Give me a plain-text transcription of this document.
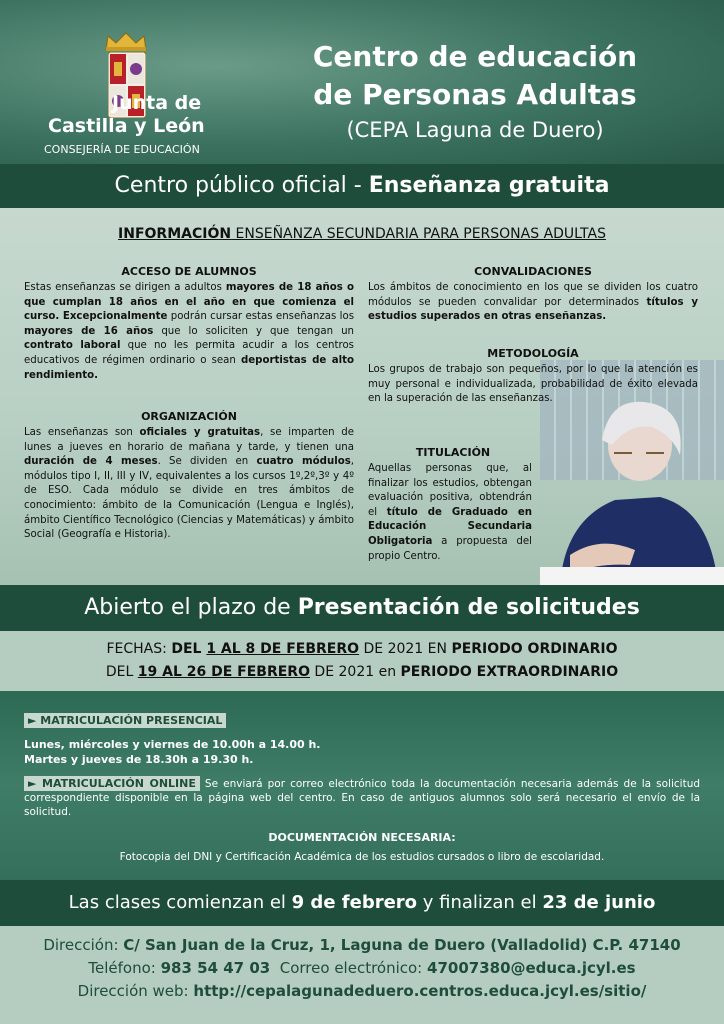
Junta de
Castilla y León
CONSEJERÍA DE EDUCACIÓN
Centro de educación
de Personas Adultas
(CEPA Laguna de Duero)
Centro público oficial - Enseñanza gratuita
INFORMACIÓN ENSEÑANZA SECUNDARIA PARA PERSONAS ADULTAS
ACCESO DE ALUMNOS
Estas enseñanzas se dirigen a adultos mayores de 18 años o que cumplan 18 años en el año en que comienza el curso. Excepcionalmente podrán cursar estas enseñanzas los mayores de 16 años que lo soliciten y que tengan un contrato laboral que no les permita acudir a los centros educativos de régimen ordinario o sean deportistas de alto rendimiento.
ORGANIZACIÓN
Las enseñanzas son oficiales y gratuitas, se imparten de lunes a jueves en horario de mañana y tarde, y tienen una duración de 4 meses. Se dividen en cuatro módulos, módulos tipo I, II, III y IV, equivalentes a los cursos 1º,2º,3º y 4º de ESO. Cada módulo se divide en tres ámbitos de conocimiento: ámbito de la Comunicación (Lengua e Inglés), ámbito Científico Tecnológico (Ciencias y Matemáticas) y ámbito Social (Geografía e Historia).
CONVALIDACIONES
Los ámbitos de conocimiento en los que se dividen los cuatro módulos se pueden convalidar por determinados títulos y estudios superados en otras enseñanzas.
METODOLOGÍA
Los grupos de trabajo son pequeños, por lo que la atención es muy personal e individualizada, probabilidad de éxito elevada en la superación de las enseñanzas.
TITULACIÓN
Aquellas personas que, al finalizar los estudios, obtengan evaluación positiva, obtendrán el título de Graduado en Educación Secundaria Obligatoria a propuesta del propio Centro.
Abierto el plazo de Presentación de solicitudes
FECHAS: DEL 1 AL 8 DE FEBRERO DE 2021 EN PERIODO ORDINARIO
DEL 19 AL 26 DE FEBRERO DE 2021 en PERIODO EXTRAORDINARIO
► MATRICULACIÓN PRESENCIAL
Lunes, miércoles y viernes de 10.00h a 14.00 h.
Martes y jueves de 18.30h a 19.30 h.
► MATRICULACIÓN ONLINE Se enviará por correo electrónico toda la documentación necesaria además de la solicitud correspondiente disponible en la página web del centro. En caso de antiguos alumnos solo será necesario el envío de la solicitud.
DOCUMENTACIÓN NECESARIA:
Fotocopia del DNI y Certificación Académica de los estudios cursados o libro de escolaridad.
Las clases comienzan el 9 de febrero y finalizan el 23 de junio
Dirección: C/ San Juan de la Cruz, 1, Laguna de Duero (Valladolid) C.P. 47140
Teléfono: 983 54 47 03  Correo electrónico: 47007380@educa.jcyl.es
Dirección web: http://cepalagunadeduero.centros.educa.jcyl.es/sitio/
